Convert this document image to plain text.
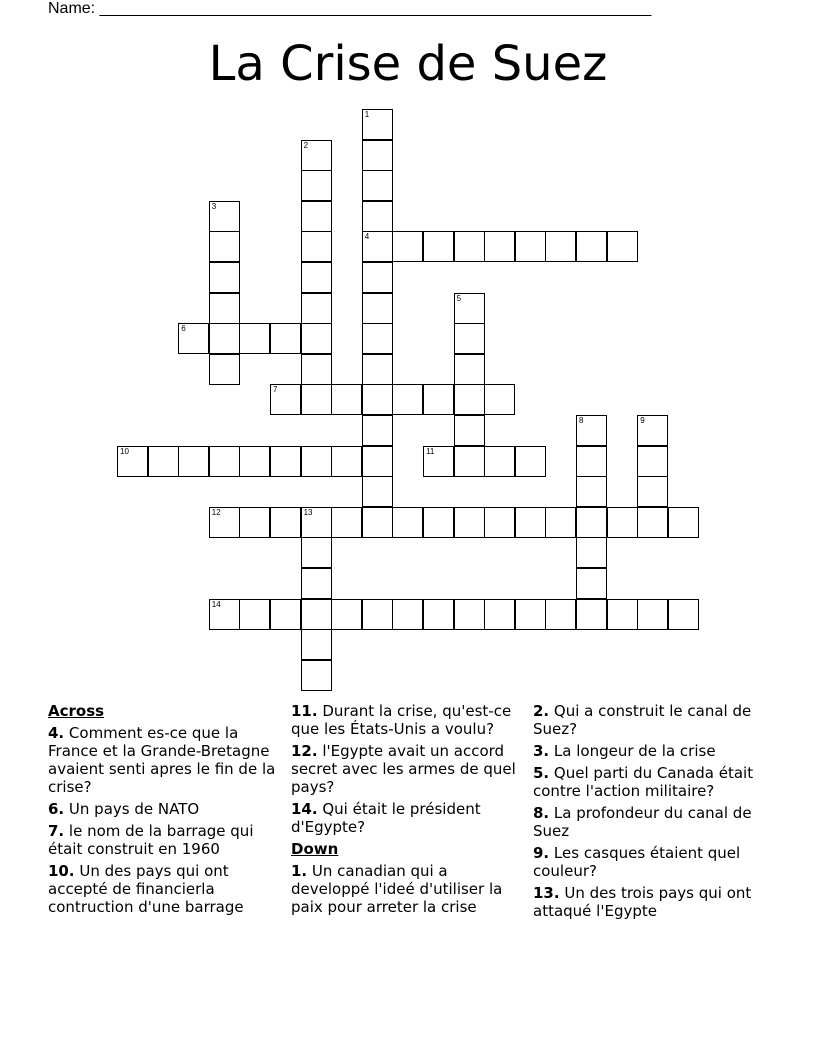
Name: ______________________________________________________________
La Crise de Suez
1
4
2
3
5
6
7
8	9
10	11
12	13
14
Across
4. Comment es-ce que la France et la Grande-Bretagne avaient senti apres le fin de la crise?
6. Un pays de NATO
7. le nom de la barrage qui était construit en 1960
10. Un des pays qui ont accepté de financierla contruction d'une barrage
11. Durant la crise, qu'est-ce que les États-Unis a voulu?
12. l'Egypte avait un accord secret avec les armes de quel pays?
14. Qui était le président d'Egypte?
Down
1. Un canadian qui a developpé l'ideé d'utiliser la paix pour arreter la crise
2. Qui a construit le canal de Suez?
3. La longeur de la crise
5. Quel parti du Canada était contre l'action militaire?
8. La profondeur du canal de Suez
9. Les casques étaient quel couleur?
13. Un des trois pays qui ont attaqué l'Egypte
